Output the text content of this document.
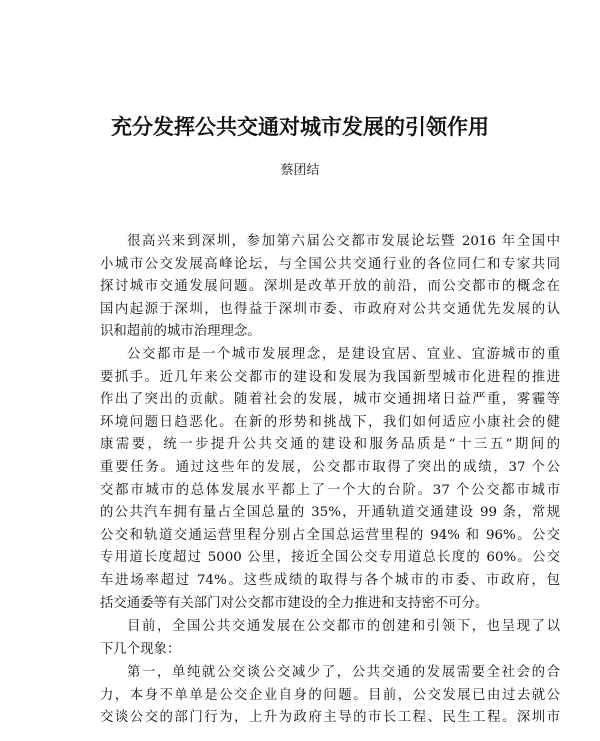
充分发挥公共交通对城市发展的引领作用
蔡团结
很高兴来到深圳，参加第六届公交都市发展论坛暨 2016 年全国中
小城市公交发展高峰论坛，与全国公共交通行业的各位同仁和专家共同
探讨城市交通发展问题。深圳是改革开放的前沿，而公交都市的概念在
国内起源于深圳，也得益于深圳市委、市政府对公共交通优先发展的认
识和超前的城市治理理念。
公交都市是一个城市发展理念，是建设宜居、宜业、宜游城市的重
要抓手。近几年来公交都市的建设和发展为我国新型城市化进程的推进
作出了突出的贡献。随着社会的发展，城市交通拥堵日益严重，雾霾等
环境问题日趋恶化。在新的形势和挑战下，我们如何适应小康社会的健
康需要，统一步提升公共交通的建设和服务品质是“十三五”期间的
重要任务。通过这些年的发展，公交都市取得了突出的成绩，37 个公
交都市城市的总体发展水平都上了一个大的台阶。37 个公交都市城市
的公共汽车拥有量占全国总量的 35%，开通轨道交通建设 99 条，常规
公交和轨道交通运营里程分别占全国总运营里程的 94% 和 96%。公交
专用道长度超过 5000 公里，接近全国公交专用道总长度的 60%。公交
车进场率超过 74%。这些成绩的取得与各个城市的市委、市政府，包
括交通委等有关部门对公交都市建设的全力推进和支持密不可分。
目前，全国公共交通发展在公交都市的创建和引领下，也呈现了以
下几个现象：
第一，单纯就公交谈公交减少了，公共交通的发展需要全社会的合
力，本身不单单是公交企业自身的问题。目前，公交发展已由过去就公
交谈公交的部门行为，上升为政府主导的市长工程、民生工程。深圳市
